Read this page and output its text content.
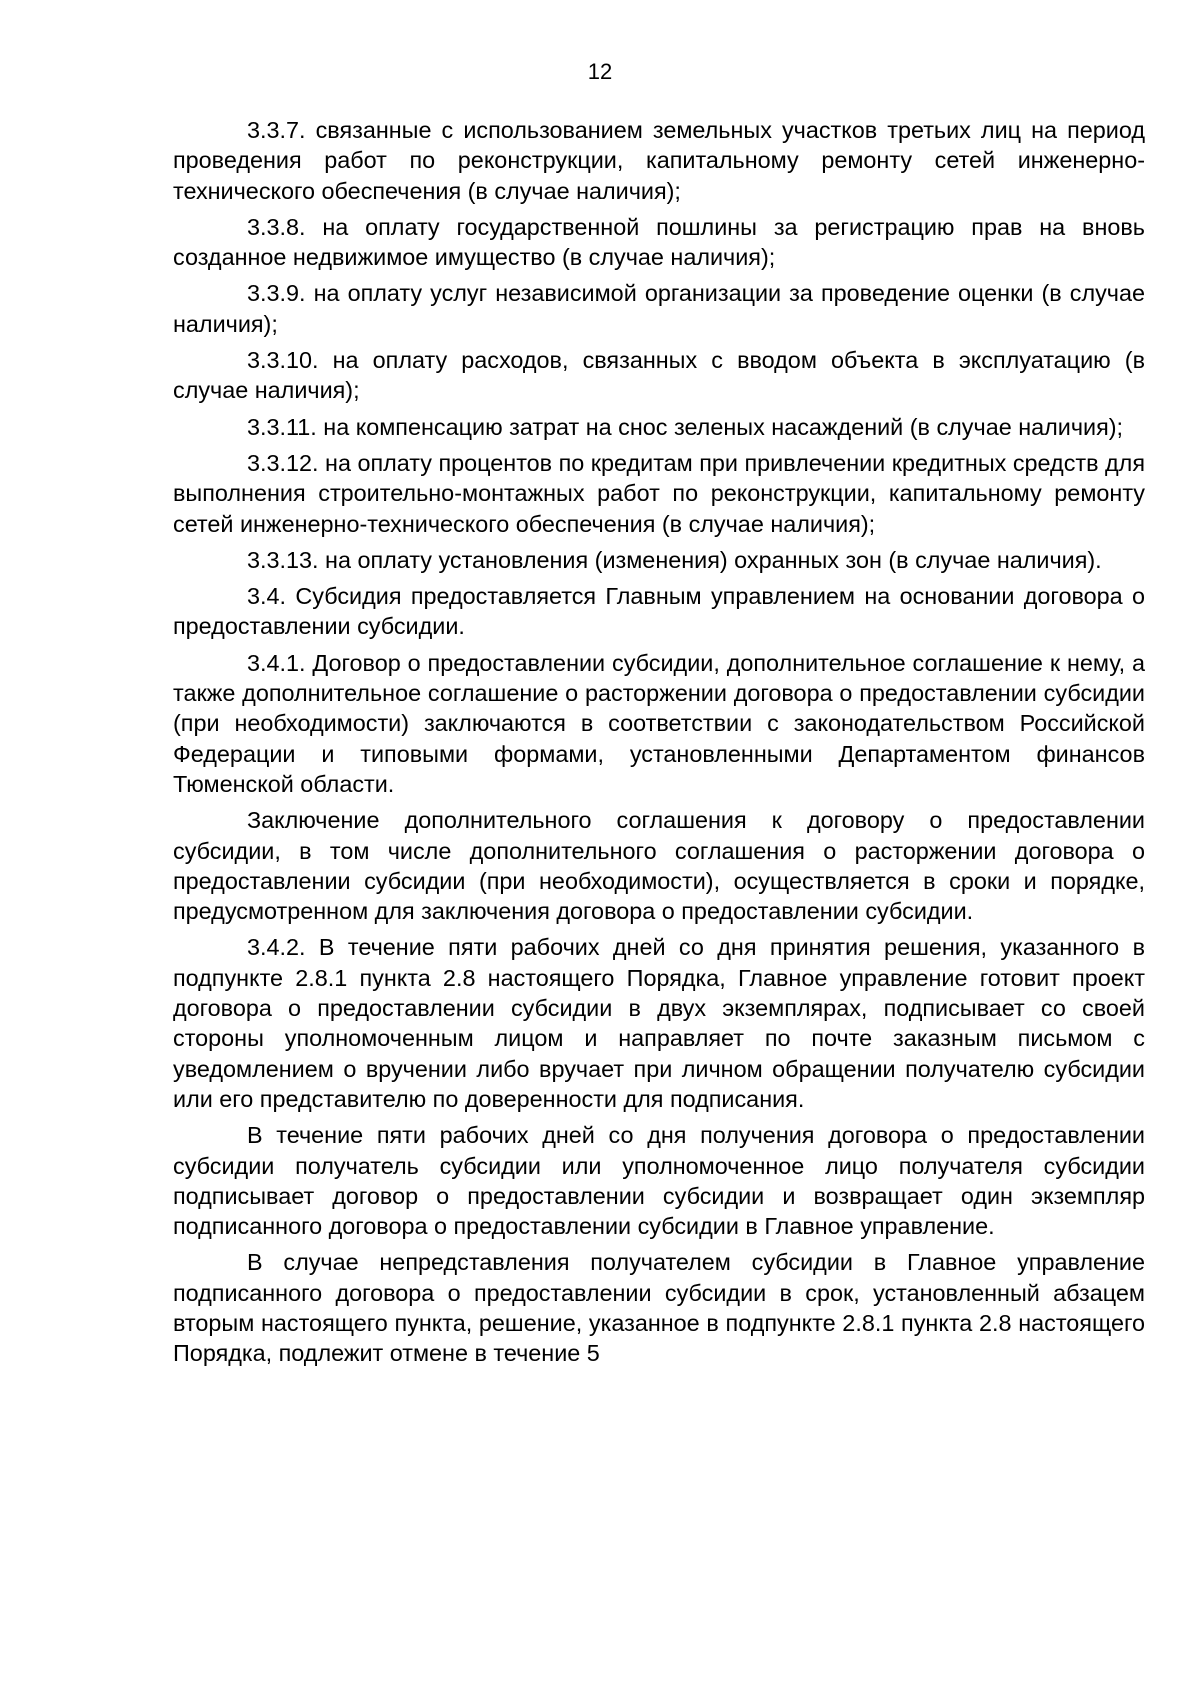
12

3.3.7. связанные с использованием земельных участков третьих лиц на период проведения работ по реконструкции, капитальному ремонту сетей инженерно-технического обеспечения (в случае наличия);

3.3.8. на оплату государственной пошлины за регистрацию прав на вновь созданное недвижимое имущество (в случае наличия);

3.3.9. на оплату услуг независимой организации за проведение оценки (в случае наличия);

3.3.10. на оплату расходов, связанных с вводом объекта в эксплуатацию (в случае наличия);

3.3.11. на компенсацию затрат на снос зеленых насаждений (в случае наличия);

3.3.12. на оплату процентов по кредитам при привлечении кредитных средств для выполнения строительно-монтажных работ по реконструкции, капитальному ремонту сетей инженерно-технического обеспечения (в случае наличия);

3.3.13. на оплату установления (изменения) охранных зон (в случае наличия).

3.4. Субсидия предоставляется Главным управлением на основании договора о предоставлении субсидии.

3.4.1. Договор о предоставлении субсидии, дополнительное соглашение к нему, а также дополнительное соглашение о расторжении договора о предоставлении субсидии (при необходимости) заключаются в соответствии с законодательством Российской Федерации и типовыми формами, установленными Департаментом финансов Тюменской области.

Заключение дополнительного соглашения к договору о предоставлении субсидии, в том числе дополнительного соглашения о расторжении договора о предоставлении субсидии (при необходимости), осуществляется в сроки и порядке, предусмотренном для заключения договора о предоставлении субсидии.

3.4.2. В течение пяти рабочих дней со дня принятия решения, указанного в подпункте 2.8.1 пункта 2.8 настоящего Порядка, Главное управление готовит проект договора о предоставлении субсидии в двух экземплярах, подписывает со своей стороны уполномоченным лицом и направляет по почте заказным письмом с уведомлением о вручении либо вручает при личном обращении получателю субсидии или его представителю по доверенности для подписания.

В течение пяти рабочих дней со дня получения договора о предоставлении субсидии получатель субсидии или уполномоченное лицо получателя субсидии подписывает договор о предоставлении субсидии и возвращает один экземпляр подписанного договора о предоставлении субсидии в Главное управление.

В случае непредставления получателем субсидии в Главное управление подписанного договора о предоставлении субсидии в срок, установленный абзацем вторым настоящего пункта, решение, указанное в подпункте 2.8.1 пункта 2.8 настоящего Порядка, подлежит отмене в течение 5
